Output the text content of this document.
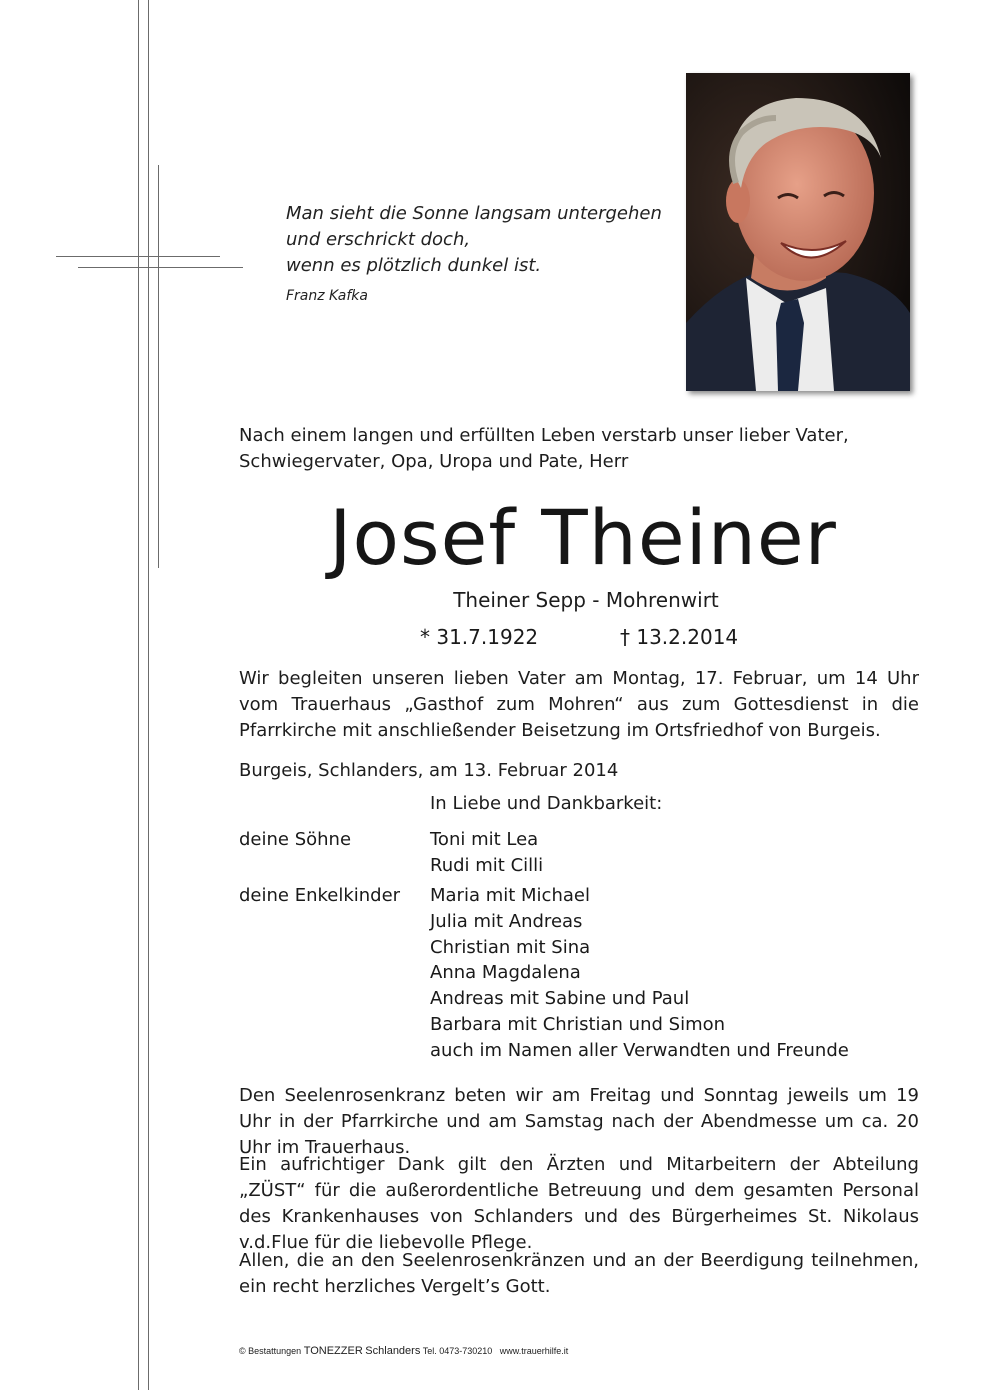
Man sieht die Sonne langsam untergehen
und erschrickt doch,
wenn es plötzlich dunkel ist.
Franz Kafka
Nach einem langen und erfüllten Leben verstarb unser lieber Vater, Schwiegervater, Opa, Uropa und Pate, Herr
Josef Theiner
Theiner Sepp - Mohrenwirt
* 31.7.1922	† 13.2.2014
Wir begleiten unseren lieben Vater am Montag, 17. Februar, um 14 Uhr vom Trauerhaus „Gasthof zum Mohren“ aus zum Gottesdienst in die Pfarrkirche mit anschließender Beisetzung im Ortsfriedhof von Burgeis.
Burgeis, Schlanders, am 13. Februar 2014
In Liebe und Dankbarkeit:
deine Söhne	Toni mit Lea
Rudi mit Cilli
deine Enkelkinder Maria mit Michael
Julia mit Andreas
Christian mit Sina
Anna Magdalena
Andreas mit Sabine und Paul
Barbara mit Christian und Simon
auch im Namen aller Verwandten und Freunde
Den Seelenrosenkranz beten wir am Freitag und Sonntag jeweils um 19 Uhr in der Pfarrkirche und am Samstag nach der Abendmesse um ca. 20 Uhr im Trauerhaus.
Ein aufrichtiger Dank gilt den Ärzten und Mitarbeitern der Abteilung „ZÜST“ für die außerordentliche Betreuung und dem gesamten Personal des Krankenhauses von Schlanders und des Bürgerheimes St. Nikolaus v.d.Flue für die liebevolle Pflege.
Allen, die an den Seelenrosenkränzen und an der Beerdigung teilnehmen, ein recht herzliches Vergelt’s Gott.
© Bestattungen TONEZZER Schlanders Tel. 0473-730210 www.trauerhilfe.it
